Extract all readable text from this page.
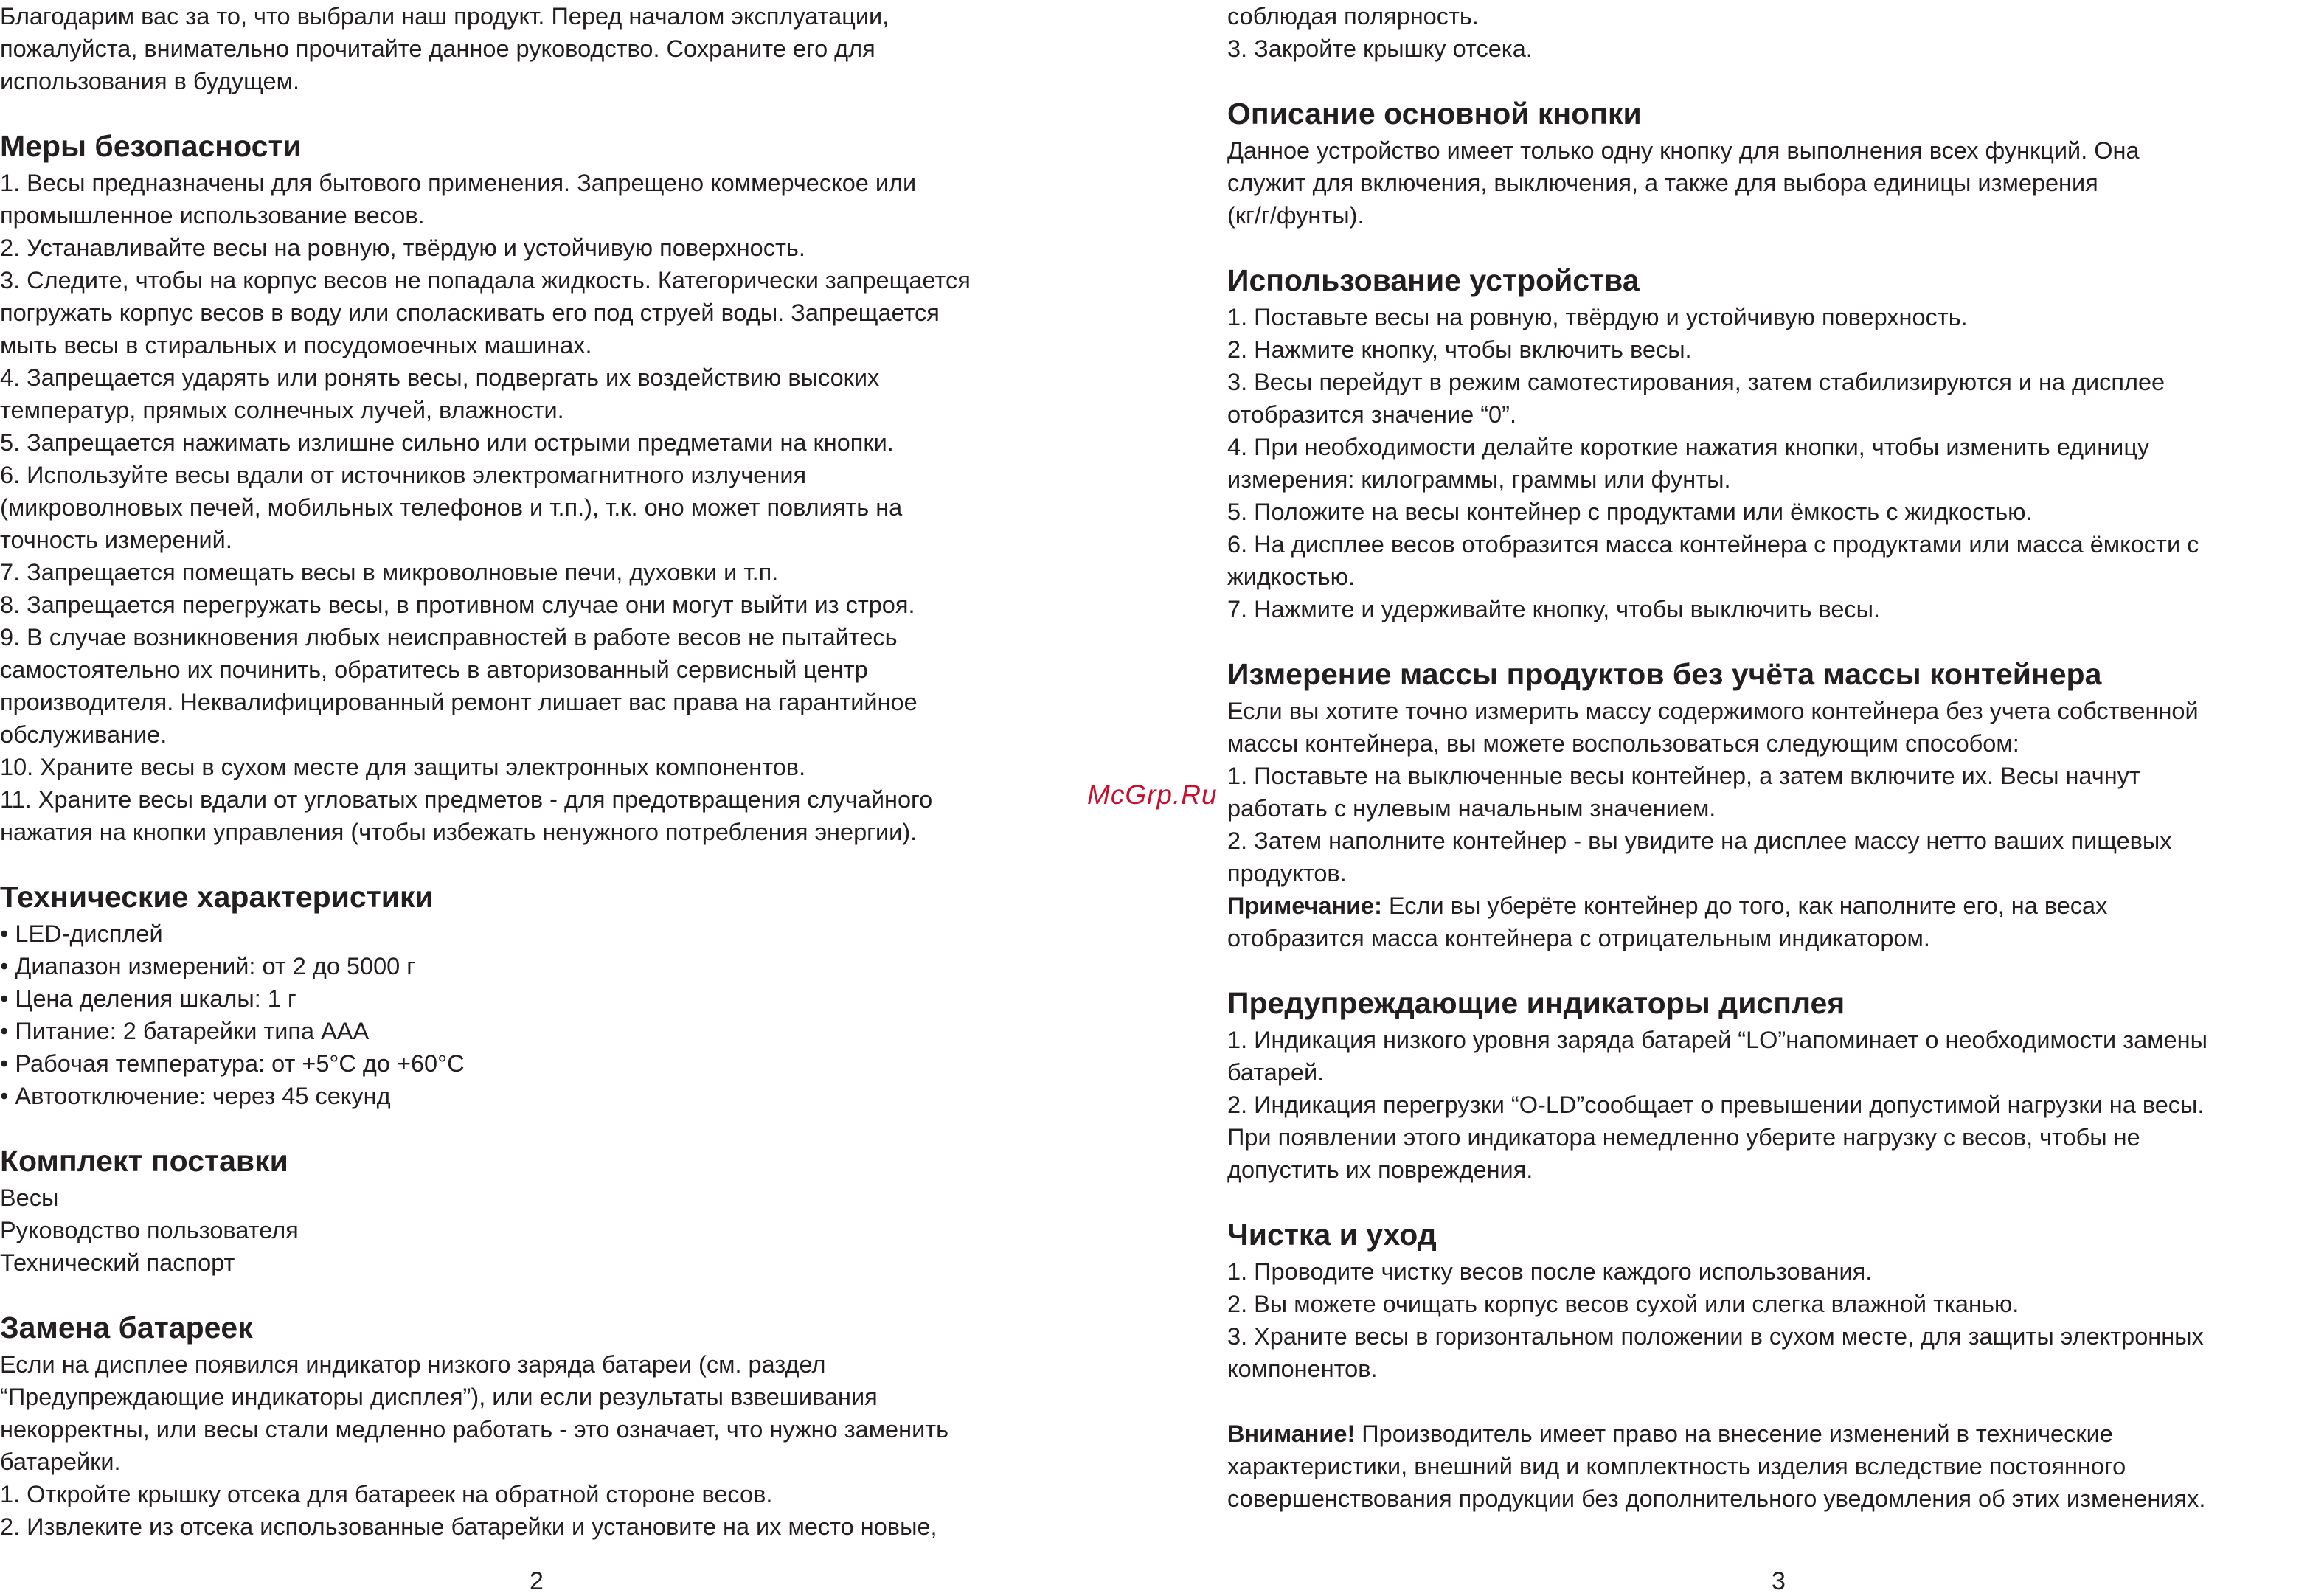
Благодарим вас за то, что выбрали наш продукт. Перед началом эксплуатации,

пожалуйста, внимательно прочитайте данное руководство. Сохраните его для

использования в будущем.

Меры безопасности

1. Весы предназначены для бытового применения. Запрещено коммерческое или

промышленное использование весов.

2. Устанавливайте весы на ровную, твёрдую и устойчивую поверхность.

3. Следите, чтобы на корпус весов не попадала жидкость. Категорически запрещается

погружать корпус весов в воду или споласкивать его под струей воды. Запрещается

мыть весы в стиральных и посудомоечных машинах.

4. Запрещается ударять или ронять весы, подвергать их воздействию высоких

температур, прямых солнечных лучей, влажности.

5. Запрещается нажимать излишне сильно или острыми предметами на кнопки.

6. Используйте весы вдали от источников электромагнитного излучения

(микроволновых печей, мобильных телефонов и т.п.), т.к. оно может повлиять на

точность измерений.

7. Запрещается помещать весы в микроволновые печи, духовки и т.п.

8. Запрещается перегружать весы, в противном случае они могут выйти из строя.

9. В случае возникновения любых неисправностей в работе весов не пытайтесь

самостоятельно их починить, обратитесь в авторизованный сервисный центр

производителя. Неквалифицированный ремонт лишает вас права на гарантийное

обслуживание.

10. Храните весы в сухом месте для защиты электронных компонентов.

11. Храните весы вдали от угловатых предметов - для предотвращения случайного

нажатия на кнопки управления (чтобы избежать ненужного потребления энергии).

Технические характеристики

• LED-дисплей

• Диапазон измерений: от 2 до 5000 г

• Цена деления шкалы: 1 г

• Питание: 2 батарейки типа AAA

• Рабочая температура: от +5°С до +60°С

• Автоотключение: через 45 секунд

Комплект поставки

Весы

Руководство пользователя

Технический паспорт

Замена батареек

Если на дисплее появился индикатор низкого заряда батареи (см. раздел

“Предупреждающие индикаторы дисплея”), или если результаты взвешивания

некорректны, или весы стали медленно работать - это означает, что нужно заменить

батарейки.

1. Откройте крышку отсека для батареек на обратной стороне весов.

2. Извлеките из отсека использованные батарейки и установите на их место новые,

соблюдая полярность.

3. Закройте крышку отсека.

Описание основной кнопки

Данное устройство имеет только одну кнопку для выполнения всех функций. Она

служит для включения, выключения, а также для выбора единицы измерения

(кг/г/фунты).

Использование устройства

1. Поставьте весы на ровную, твёрдую и устойчивую поверхность.

2. Нажмите кнопку, чтобы включить весы.

3. Весы перейдут в режим самотестирования, затем стабилизируются и на дисплее

отобразится значение “0”.

4. При необходимости делайте короткие нажатия кнопки, чтобы изменить единицу

измерения: килограммы, граммы или фунты.

5. Положите на весы контейнер с продуктами или ёмкость с жидкостью.

6. На дисплее весов отобразится масса контейнера с продуктами или масса ёмкости с

жидкостью.

7. Нажмите и удерживайте кнопку, чтобы выключить весы.

Измерение массы продуктов без учёта массы контейнера

Если вы хотите точно измерить массу содержимого контейнера без учета собственной

массы контейнера, вы можете воспользоваться следующим способом:

1. Поставьте на выключенные весы контейнер, а затем включите их. Весы начнут

работать с нулевым начальным значением.

2. Затем наполните контейнер - вы увидите на дисплее массу нетто ваших пищевых

продуктов.

Примечание: Если вы уберёте контейнер до того, как наполните его, на весах

отобразится масса контейнера с отрицательным индикатором.

Предупреждающие индикаторы дисплея

1. Индикация низкого уровня заряда батарей “LO”напоминает о необходимости замены

батарей.

2. Индикация перегрузки “O-LD”сообщает о превышении допустимой нагрузки на весы.

При появлении этого индикатора немедленно уберите нагрузку с весов, чтобы не

допустить их повреждения.

Чистка и уход

1. Проводите чистку весов после каждого использования.

2. Вы можете очищать корпус весов сухой или слегка влажной тканью.

3. Храните весы в горизонтальном положении в сухом месте, для защиты электронных

компонентов.

Внимание! Производитель имеет право на внесение изменений в технические

характеристики, внешний вид и комплектность изделия вследствие постоянного

совершенствования продукции без дополнительного уведомления об этих изменениях.

McGrp.Ru
2	3
